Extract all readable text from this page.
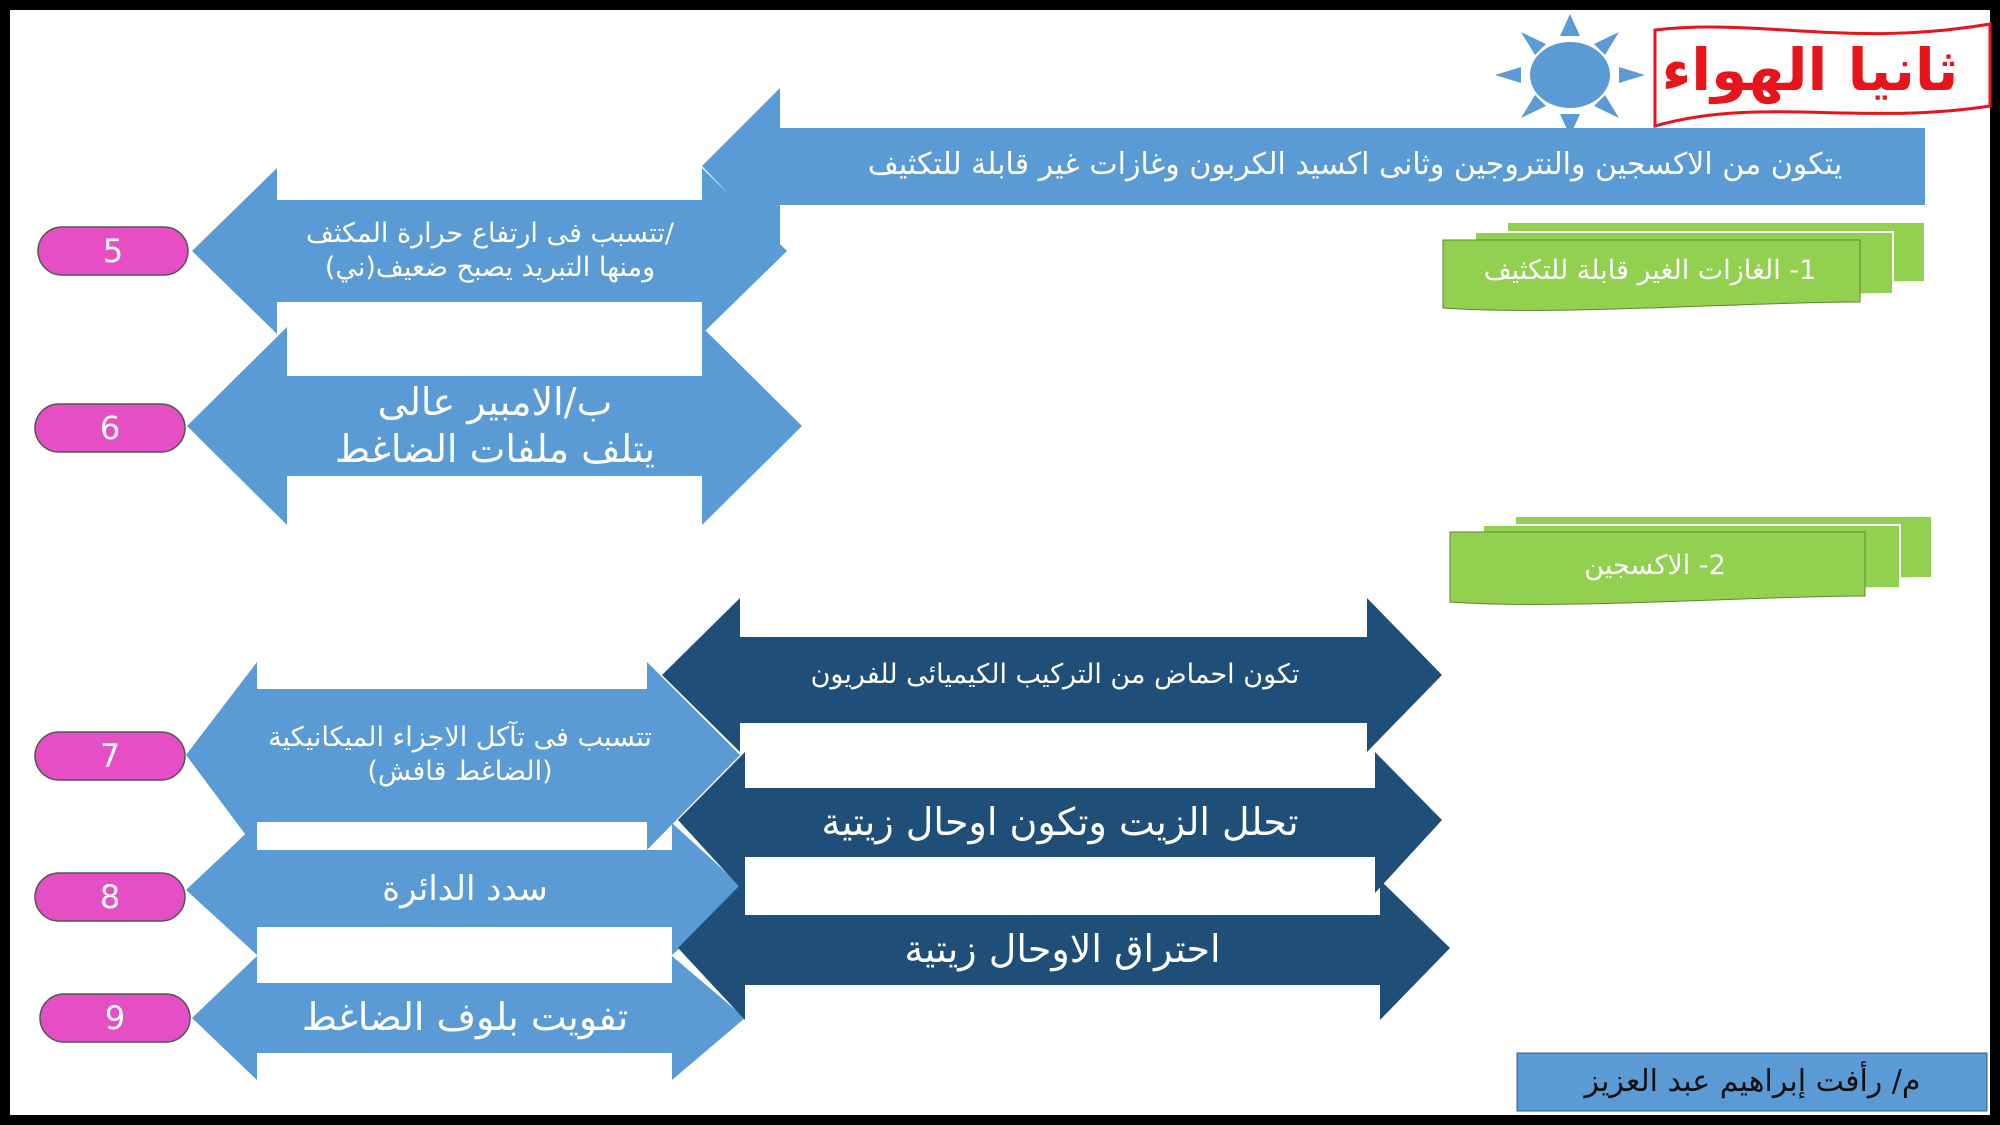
ثانيا الهواء
يتكون من الاكسجين والنتروجين وثانى اكسيد الكربون وغازات غير قابلة للتكثيف
1- الغازات الغير قابلة للتكثيف
2- الاكسجين
/تتسبب فى ارتفاع حرارة المكثف
ومنها التبريد يصبح ضعيف(ني)
ب/الامبير عالى
يتلف ملفات الضاغط
تتسبب فى تآكل الاجزاء الميكانيكية
(الضاغط قافش)
سدد الدائرة
تفويت بلوف الضاغط
تكون احماض من التركيب الكيميائى للفريون
تحلل الزيت وتكون اوحال زيتية
احتراق الاوحال زيتية
5
6
7
8
9
م/ رأفت إبراهيم عبد العزيز
